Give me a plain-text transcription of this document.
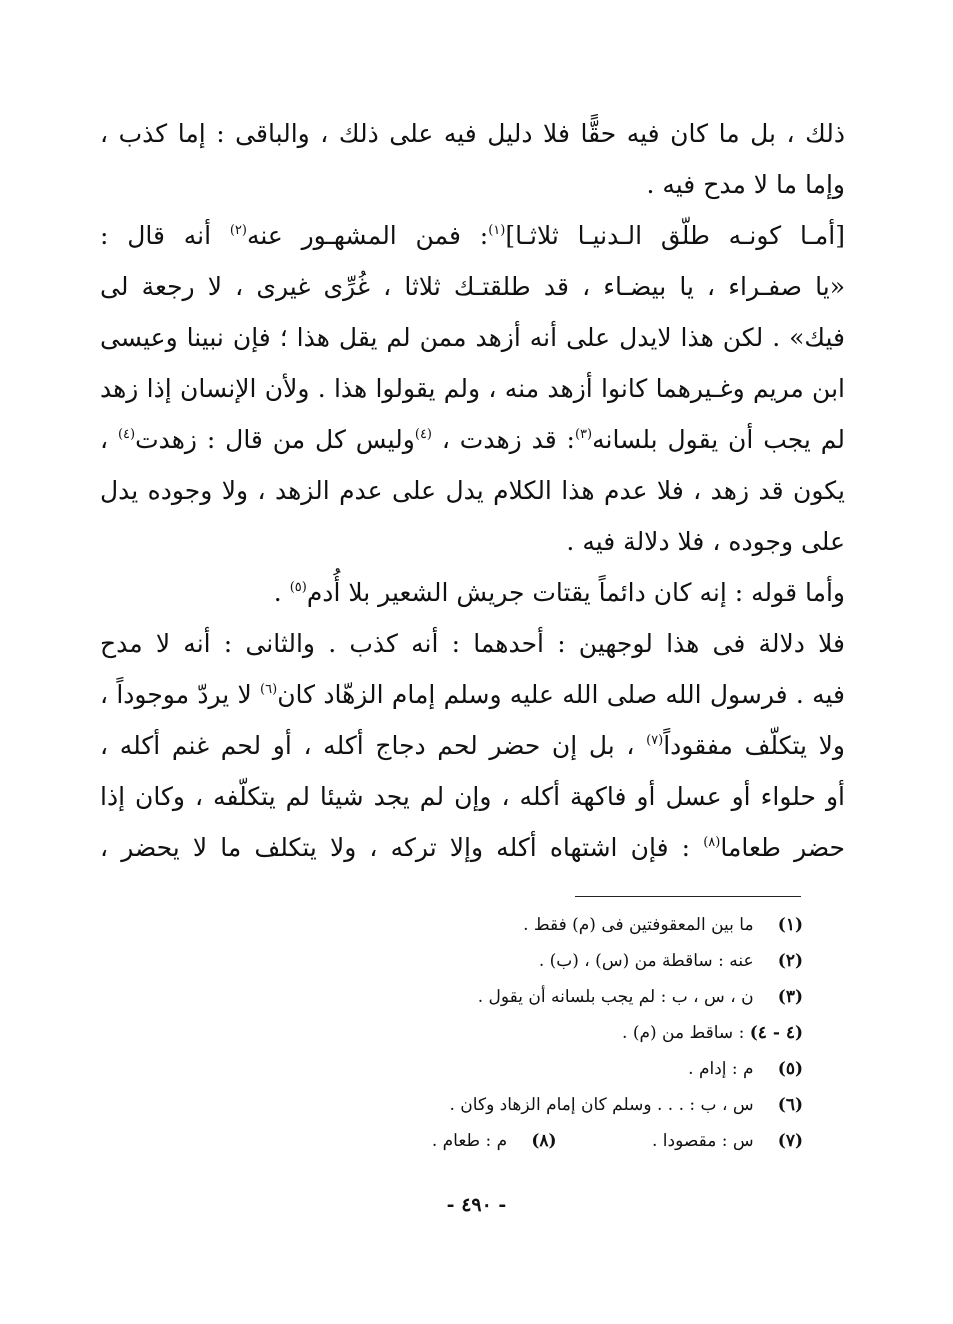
ذلك ، بل ما كان فيه حقًّا فلا دليل فيه على ذلك ، والباقى : إما كذب ،
وإما ما لا مدح فيه .
[أمـا كونـه طلّق الـدنيـا ثلاثـا]$^{(١)}$: فمن المشهـور عنه$^{(٢)}$ أنه قال :
«يا صفـراء ، يا بيضـاء ، قد طلقتـك ثلاثا ، غُرِّى غيرى ، لا رجعة لى
فيك» . لكن هذا لايدل على أنه أزهد ممن لم يقل هذا ؛ فإن نبينا وعيسى
ابن مريم وغـيرهما كانوا أزهد منه ، ولم يقولوا هذا . ولأن الإنسان إذا زهد
لم يجب أن يقول بلسانه$^{(٣)}$: قد زهدت ، $^{(٤)}$وليس كل من قال : زهدت$^{(٤)}$ ،
يكون قد زهد ، فلا عدم هذا الكلام يدل على عدم الزهد ، ولا وجوده يدل
على وجوده ، فلا دلالة فيه .
وأما قوله : إنه كان دائماً يقتات جريش الشعير بلا أُدم$^{(٥)}$ .
فلا دلالة فى هذا لوجهين : أحدهما : أنه كذب . والثانى : أنه لا مدح
فيه . فرسول الله صلى الله عليه وسلم إمام الزهّاد كان$^{(٦)}$ لا يردّ موجوداً ،
ولا يتكلّف مفقوداً$^{(٧)}$ ، بل إن حضر لحم دجاج أكله ، أو لحم غنم أكله ،
أو حلواء أو عسل أو فاكهة أكله ، وإن لم يجد شيئا لم يتكلّفه ، وكان إذا
حضر طعاما$^{(٨)}$ : فإن اشتهاه أكله وإلا تركه ، ولا يتكلف ما لا يحضر ،
(١) ما بين المعقوفتين فى (م) فقط .
(٢) عنه : ساقطة من (س) ، (ب) .
(٣) ن ، س ، ب : لم يجب بلسانه أن يقول .
(٤ - ٤) : ساقط من (م) .
(٥) م : إدام .
(٦) س ، ب : . . . وسلم كان إمام الزهاد وكان .
(٧) س : مقصودا . (٨) م : طعام .
- ٤٩٠ -
